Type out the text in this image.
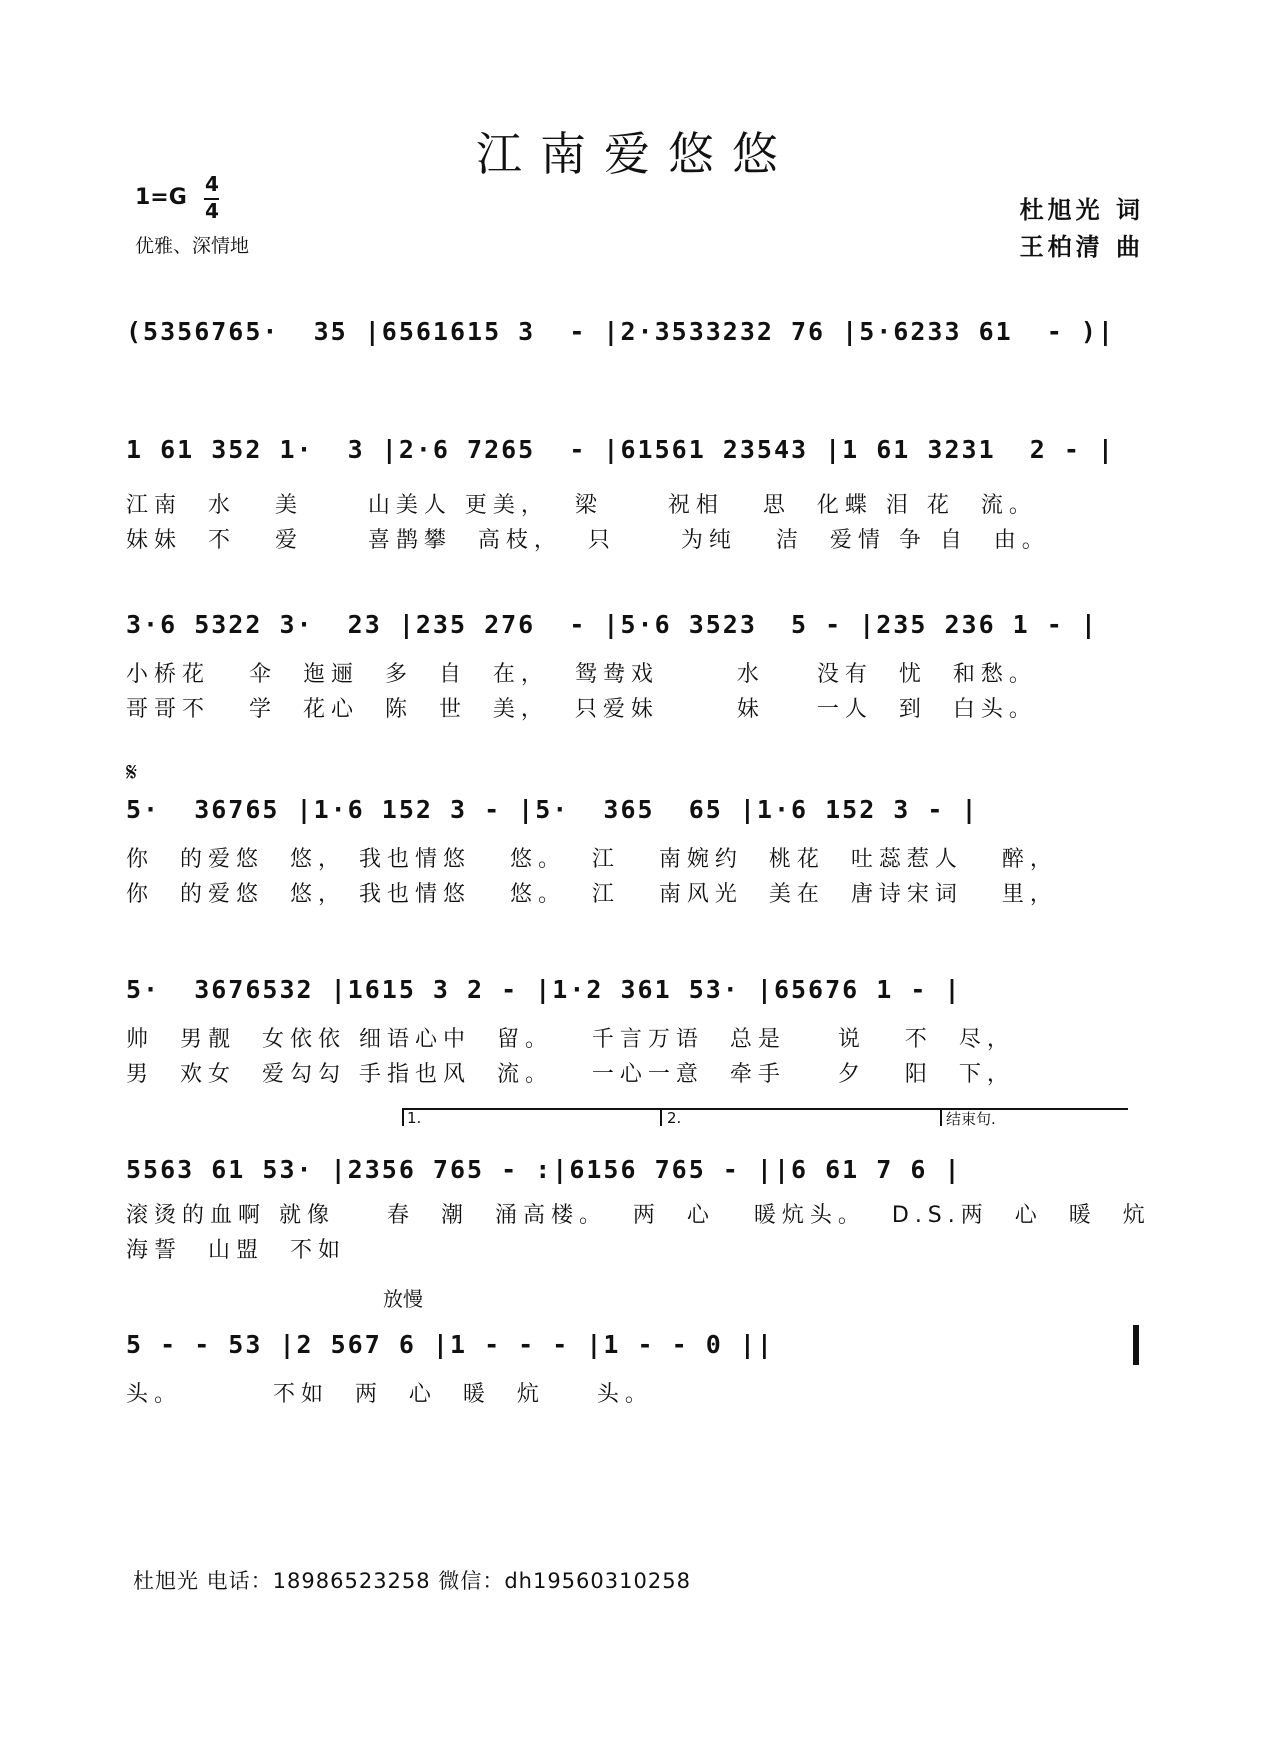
江南爱悠悠
1=G
4
4
优雅、深情地
杜旭光 词
王柏清 曲
(5356765·  35 |6561615 3  - |2·3533232 76 |5·6233 61  - )|
1 61 352 1·  3 |2·6 7265  - |61561 23543 |1 61 3231  2 - |
江南  水   美     山美人 更美，  梁     祝相   思  化蝶 泪 花  流。
妹妹  不   爱     喜鹊攀  高枝，  只     为纯   洁  爱情 争 自  由。
3·6 5322 3·  23 |235 276  - |5·6 3523  5 - |235 236 1 - |
小桥花   伞  迤逦  多  自  在，  鸳鸯戏      水    没有  忧  和愁。
哥哥不   学  花心  陈  世  美，  只爱妹      妹    一人  到  白头。
𝄋
5·  36765 |1·6 152 3 - |5·  365  65 |1·6 152 3 - |
你  的爱悠  悠， 我也情悠   悠。  江   南婉约  桃花  吐蕊惹人   醉，
你  的爱悠  悠， 我也情悠   悠。  江   南风光  美在  唐诗宋词   里，
5·  3676532 |1615 3 2 - |1·2 361 53· |65676 1 - |
帅  男靓  女依依 细语心中  留。   千言万语  总是    说   不  尽，
男  欢女  爱勾勾 手指也风  流。   一心一意  牵手    夕   阳  下，
1.	2.	结束句.
5563 61 53· |2356 765 - :|6156 765 - ||6 61 7 6 |
滚烫的血啊 就像    春  潮  涌高楼。  两  心   暖炕头。  D.S.两  心  暖  炕
海誓  山盟  不如
放慢
5 - - 53 |2 567 6 |1 - - - |1 - - 0 ||
头。       不如  两  心  暖  炕    头。
杜旭光 电话：18986523258 微信：dh19560310258
